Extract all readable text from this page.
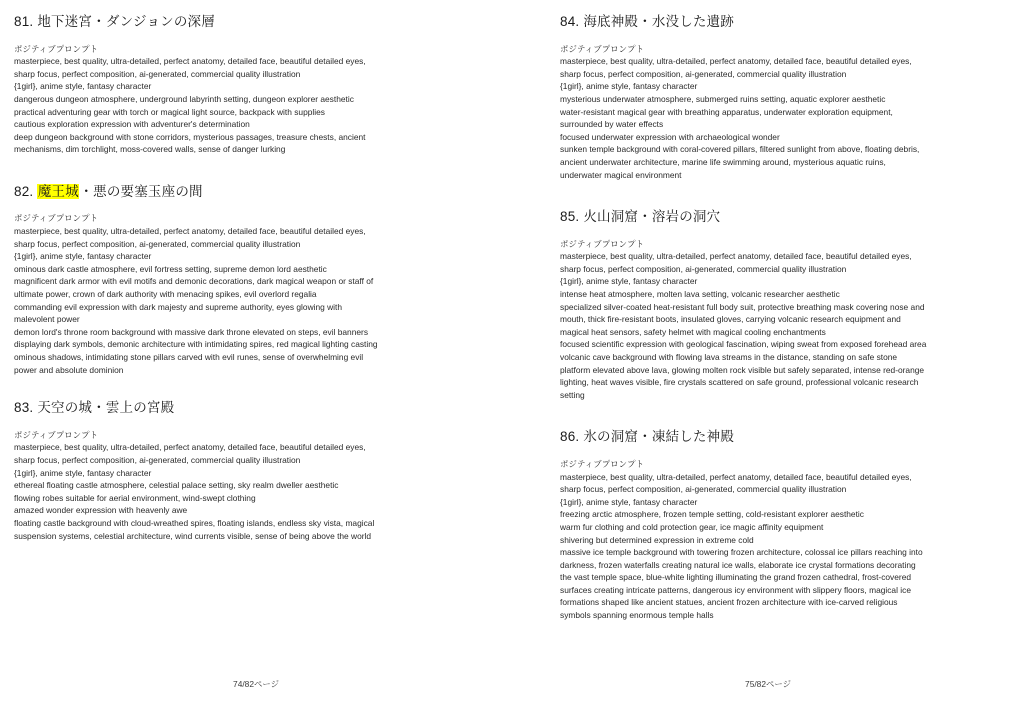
81. 地下迷宮・ダンジョンの深層
ポジティブプロンプト
masterpiece, best quality, ultra-detailed, perfect anatomy, detailed face, beautiful detailed eyes,
sharp focus, perfect composition, ai-generated, commercial quality illustration
{1girl}, anime style, fantasy character
dangerous dungeon atmosphere, underground labyrinth setting, dungeon explorer aesthetic
practical adventuring gear with torch or magical light source, backpack with supplies
cautious exploration expression with adventurer's determination
deep dungeon background with stone corridors, mysterious passages, treasure chests, ancient
mechanisms, dim torchlight, moss-covered walls, sense of danger lurking
82. 魔王城・悪の要塞玉座の間
ポジティブプロンプト
masterpiece, best quality, ultra-detailed, perfect anatomy, detailed face, beautiful detailed eyes,
sharp focus, perfect composition, ai-generated, commercial quality illustration
{1girl}, anime style, fantasy character
ominous dark castle atmosphere, evil fortress setting, supreme demon lord aesthetic
magnificent dark armor with evil motifs and demonic decorations, dark magical weapon or staff of
ultimate power, crown of dark authority with menacing spikes, evil overlord regalia
commanding evil expression with dark majesty and supreme authority, eyes glowing with
malevolent power
demon lord's throne room background with massive dark throne elevated on steps, evil banners
displaying dark symbols, demonic architecture with intimidating spires, red magical lighting casting
ominous shadows, intimidating stone pillars carved with evil runes, sense of overwhelming evil
power and absolute dominion
83. 天空の城・雲上の宮殿
ポジティブプロンプト
masterpiece, best quality, ultra-detailed, perfect anatomy, detailed face, beautiful detailed eyes,
sharp focus, perfect composition, ai-generated, commercial quality illustration
{1girl}, anime style, fantasy character
ethereal floating castle atmosphere, celestial palace setting, sky realm dweller aesthetic
flowing robes suitable for aerial environment, wind-swept clothing
amazed wonder expression with heavenly awe
floating castle background with cloud-wreathed spires, floating islands, endless sky vista, magical
suspension systems, celestial architecture, wind currents visible, sense of being above the world
74/82ページ
84. 海底神殿・水没した遺跡
ポジティブプロンプト
masterpiece, best quality, ultra-detailed, perfect anatomy, detailed face, beautiful detailed eyes,
sharp focus, perfect composition, ai-generated, commercial quality illustration
{1girl}, anime style, fantasy character
mysterious underwater atmosphere, submerged ruins setting, aquatic explorer aesthetic
water-resistant magical gear with breathing apparatus, underwater exploration equipment,
surrounded by water effects
focused underwater expression with archaeological wonder
sunken temple background with coral-covered pillars, filtered sunlight from above, floating debris,
ancient underwater architecture, marine life swimming around, mysterious aquatic ruins,
underwater magical environment
85. 火山洞窟・溶岩の洞穴
ポジティブプロンプト
masterpiece, best quality, ultra-detailed, perfect anatomy, detailed face, beautiful detailed eyes,
sharp focus, perfect composition, ai-generated, commercial quality illustration
{1girl}, anime style, fantasy character
intense heat atmosphere, molten lava setting, volcanic researcher aesthetic
specialized silver-coated heat-resistant full body suit, protective breathing mask covering nose and
mouth, thick fire-resistant boots, insulated gloves, carrying volcanic research equipment and
magical heat sensors, safety helmet with magical cooling enchantments
focused scientific expression with geological fascination, wiping sweat from exposed forehead area
volcanic cave background with flowing lava streams in the distance, standing on safe stone
platform elevated above lava, glowing molten rock visible but safely separated, intense red-orange
lighting, heat waves visible, fire crystals scattered on safe ground, professional volcanic research
setting
86. 氷の洞窟・凍結した神殿
ポジティブプロンプト
masterpiece, best quality, ultra-detailed, perfect anatomy, detailed face, beautiful detailed eyes,
sharp focus, perfect composition, ai-generated, commercial quality illustration
{1girl}, anime style, fantasy character
freezing arctic atmosphere, frozen temple setting, cold-resistant explorer aesthetic
warm fur clothing and cold protection gear, ice magic affinity equipment
shivering but determined expression in extreme cold
massive ice temple background with towering frozen architecture, colossal ice pillars reaching into
darkness, frozen waterfalls creating natural ice walls, elaborate ice crystal formations decorating
the vast temple space, blue-white lighting illuminating the grand frozen cathedral, frost-covered
surfaces creating intricate patterns, dangerous icy environment with slippery floors, magical ice
formations shaped like ancient statues, ancient frozen architecture with ice-carved religious
symbols spanning enormous temple halls
75/82ページ
